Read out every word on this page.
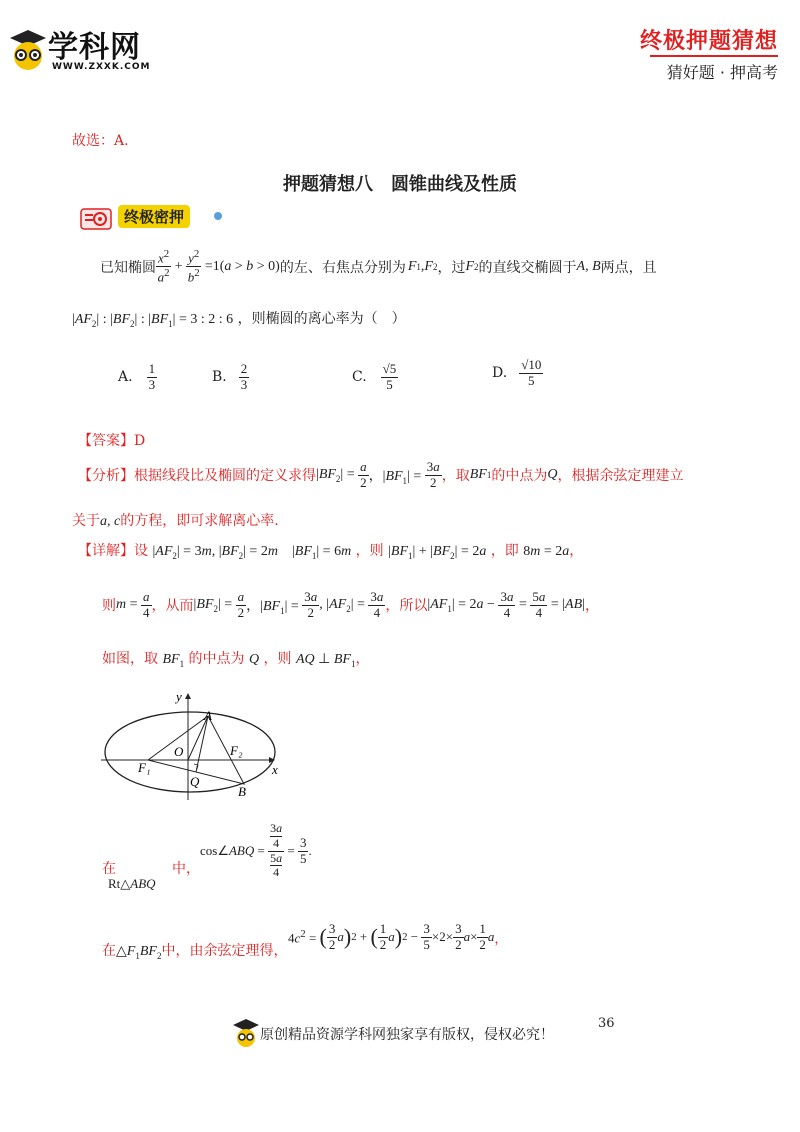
学科网
WWW.ZXXK.COM
终极押题猜想
猜好题 · 押高考
故选：A.
押题猜想八　圆锥曲线及性质
终极密押
已知椭圆 $\frac{x^2}{a^2} + \frac{y^2}{b^2} =1(a > b > 0)$ 的左、右焦点分别为 F 1 , F 2 ，过 F 2 的直线交椭圆于 A, B 两点，且
$|AF_2|$ : $|BF_2|$ : $|BF_1| = 3$ : 2 : 6 ，则椭圆的离心率为（　）
A. $\frac{1}{3}$	B. $\frac{2}{3}$	C. $\frac{√5}{5}$	D. $\frac{√10}{5}$
【答案】D
【分析】 根据线段比及椭圆的定义求得 $|BF_2| = \frac{a}{2}$ ，$|BF_1| = \frac{3a}{2}$ ，取 BF 1 的中点为 Q ，根据余弦定理建立
关于a, c的方程，即可求解离心率.
【详解】设 $|AF_2| = 3m$, $|BF_2| = 2m$　$|BF_1| = 6m$ ，则 $|BF_1| + |BF_2| = 2a$ ，即 8m = 2a，
则 $m = \frac{a}{4}$ ，从而 $|BF_2| = \frac{a}{2}$ ，$|BF_1| = \frac{3a}{2}$ , $|AF_2| = \frac{3a}{4}$ ，所以 $|AF_1| = 2a - \frac{3a}{4} = \frac{5a}{4} = |AB|$ ，
如图，取 $BF_1$ 的中点为 Q ，则 AQ ⊥ $BF_1$，
y
x
A
O	F₂
F₁
Q
B
在	中，
Rt△ABQ
cos∠ABQ = 3a
4
5a
$4 = \frac{3}{5}$ .
在$\triangle F_1BF_2$中，由余弦定理得，
$4c^2$ = ( $\frac{3}{2}$ a ) 2 + ( $\frac{1}{2}$ a ) $2 - \frac{3}{5} \times 2\times \frac{3}{2} a\times \frac{1}{2}$ a ，
36
原创精品资源学科网独家享有版权，侵权必究！
